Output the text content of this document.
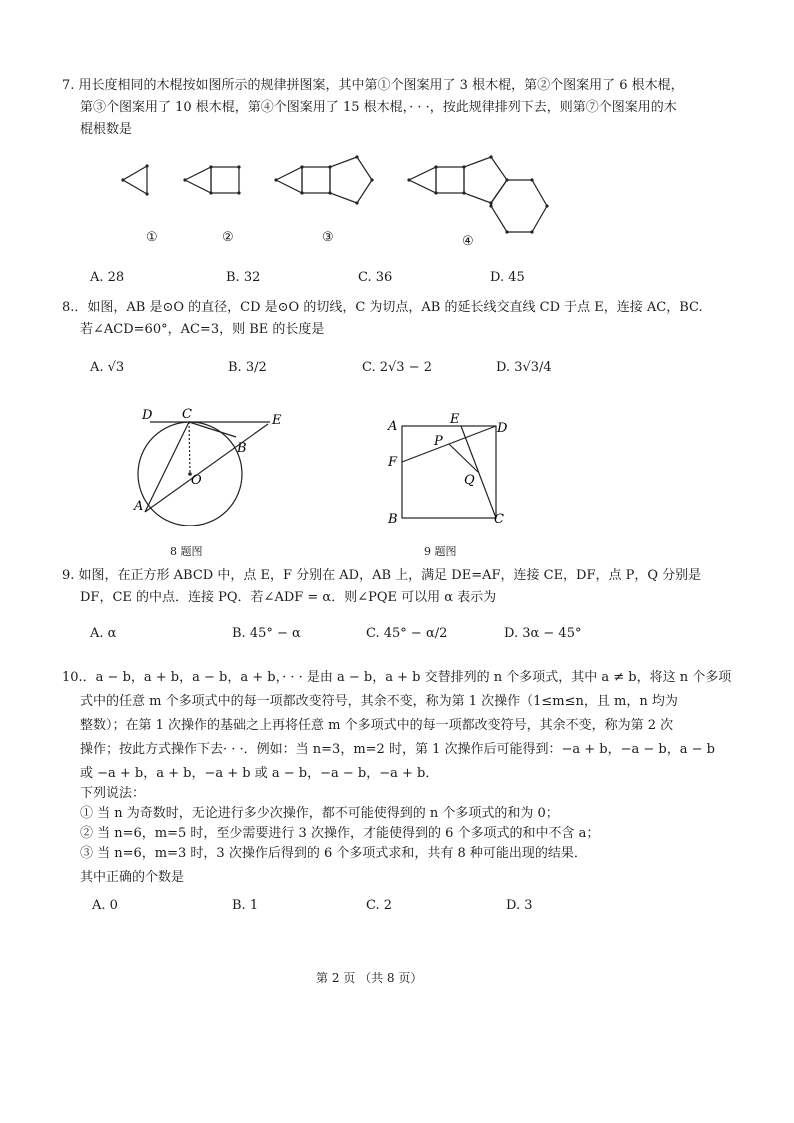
7. 用长度相同的木棍按如图所示的规律拼图案，其中第①个图案用了 3 根木棍，第②个图案用了 6 根木棍，
第③个图案用了 10 根木棍，第④个图案用了 15 根木棍，· · ·，按此规律排列下去，则第⑦个图案用的木
棍根数是
①	②	③	④
A. 28	B. 32	C. 36	D. 45
8.．如图，AB 是⊙O 的直径，CD 是⊙O 的切线，C 为切点，AB 的延长线交直线 CD 于点 E，连接 AC，BC.
若∠ACD=60°，AC=3，则 BE 的长度是
A. √3	B. 3/2	C. 2√3 − 2	D. 3√3/4
D C	E
B
O
A
8 题图
A	E
D
P
F
Q
B	C
9 题图
9. 如图，在正方形 ABCD 中，点 E，F 分别在 AD，AB 上，满足 DE=AF，连接 CE，DF，点 P，Q 分别是
DF，CE 的中点．连接 PQ．若∠ADF = α．则∠PQE 可以用 α 表示为
A. α	B. 45° − α	C. 45° − α/2	D. 3α − 45°
10.．a − b，a + b，a − b，a + b，· · · 是由 a − b，a + b 交替排列的 n 个多项式，其中 a ≠ b，将这 n 个多项
式中的任意 m 个多项式中的每一项都改变符号，其余不变，称为第 1 次操作（1≤m≤n，且 m，n 均为
整数）；在第 1 次操作的基础之上再将任意 m 个多项式中的每一项都改变符号，其余不变，称为第 2 次
操作；按此方式操作下去· · ·．例如：当 n=3，m=2 时，第 1 次操作后可能得到：−a + b，−a − b，a − b
或 −a + b，a + b，−a + b 或 a − b，−a − b，−a + b．
下列说法：
① 当 n 为奇数时，无论进行多少次操作，都不可能使得到的 n 个多项式的和为 0；
② 当 n=6，m=5 时，至少需要进行 3 次操作，才能使得到的 6 个多项式的和中不含 a；
③ 当 n=6，m=3 时，3 次操作后得到的 6 个多项式求和，共有 8 种可能出现的结果．
其中正确的个数是
A. 0	B. 1	C. 2	D. 3
第 2 页 （共 8 页）
